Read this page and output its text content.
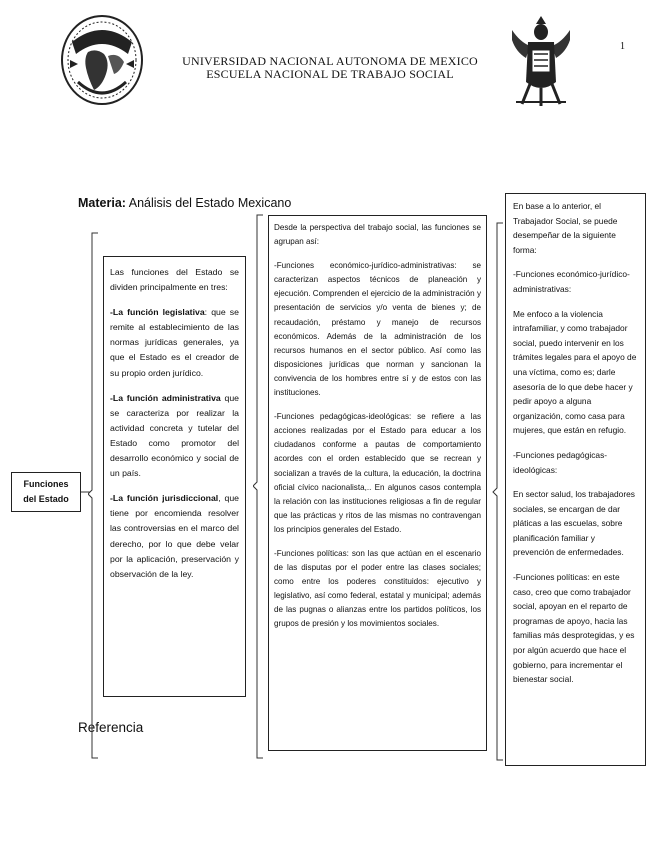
UNIVERSIDAD NACIONAL AUTONOMA DE MEXICO
ESCUELA NACIONAL DE TRABAJO SOCIAL
1
Materia: Análisis del Estado Mexicano
Referencia
Funciones
del Estado

Las funciones del Estado se dividen principalmente en tres:

-La función legislativa: que se remite al establecimiento de las normas jurídicas generales, ya que el Estado es el creador de su propio orden jurídico.

-La función administrativa que se caracteriza por realizar la actividad concreta y tutelar del Estado como promotor del desarrollo económico y social de un país.

-La función jurisdiccional, que tiene por encomienda resolver las controversias en el marco del derecho, por lo que debe velar por la aplicación, preservación y observación de la ley.

Desde la perspectiva del trabajo social, las funciones se agrupan así:

-Funciones económico-jurídico-administrativas: se caracterizan aspectos técnicos de planeación y ejecución. Comprenden el ejercicio de la administración y presentación de servicios y/o venta de bienes y; de recaudación, préstamo y manejo de recursos económicos. Además de la administración de los recursos humanos en el sector público. Así como las disposiciones jurídicas que norman y sancionan la convivencia de los hombres entre sí y de estos con las instituciones.

-Funciones pedagógicas-ideológicas: se refiere a las acciones realizadas por el Estado para educar a los ciudadanos conforme a pautas de comportamiento acordes con el orden establecido que se recrean y socializan a través de la cultura, la educación, la doctrina oficial cívico nacionalista,.. En algunos casos contempla la relación con las instituciones religiosas a fin de regular que las prácticas y ritos de las mismas no contravengan los principios generales del Estado.

-Funciones políticas: son las que actúan en el escenario de las disputas por el poder entre las clases sociales; como entre los poderes constituidos: ejecutivo y legislativo, así como federal, estatal y municipal; además de las pugnas o alianzas entre los partidos políticos, los grupos de presión y los movimientos sociales.

En base a lo anterior, el Trabajador Social, se puede desempeñar de la siguiente forma:

-Funciones económico-jurídico-administrativas:

Me enfoco a la violencia intrafamiliar, y como trabajador social, puedo intervenir en los trámites legales para el apoyo de una víctima, como es; darle asesoría de lo que debe hacer y pedir apoyo a alguna organización, como casa para mujeres, que están en refugio.

-Funciones pedagógicas-ideológicas:

En sector salud, los trabajadores sociales, se encargan de dar pláticas a las escuelas, sobre planificación familiar y prevención de enfermedades.

-Funciones políticas: en este caso, creo que como trabajador social, apoyan en el reparto de programas de apoyo, hacia las familias más desprotegidas, y es por algún acuerdo que hace el gobierno, para incrementar el bienestar social.
